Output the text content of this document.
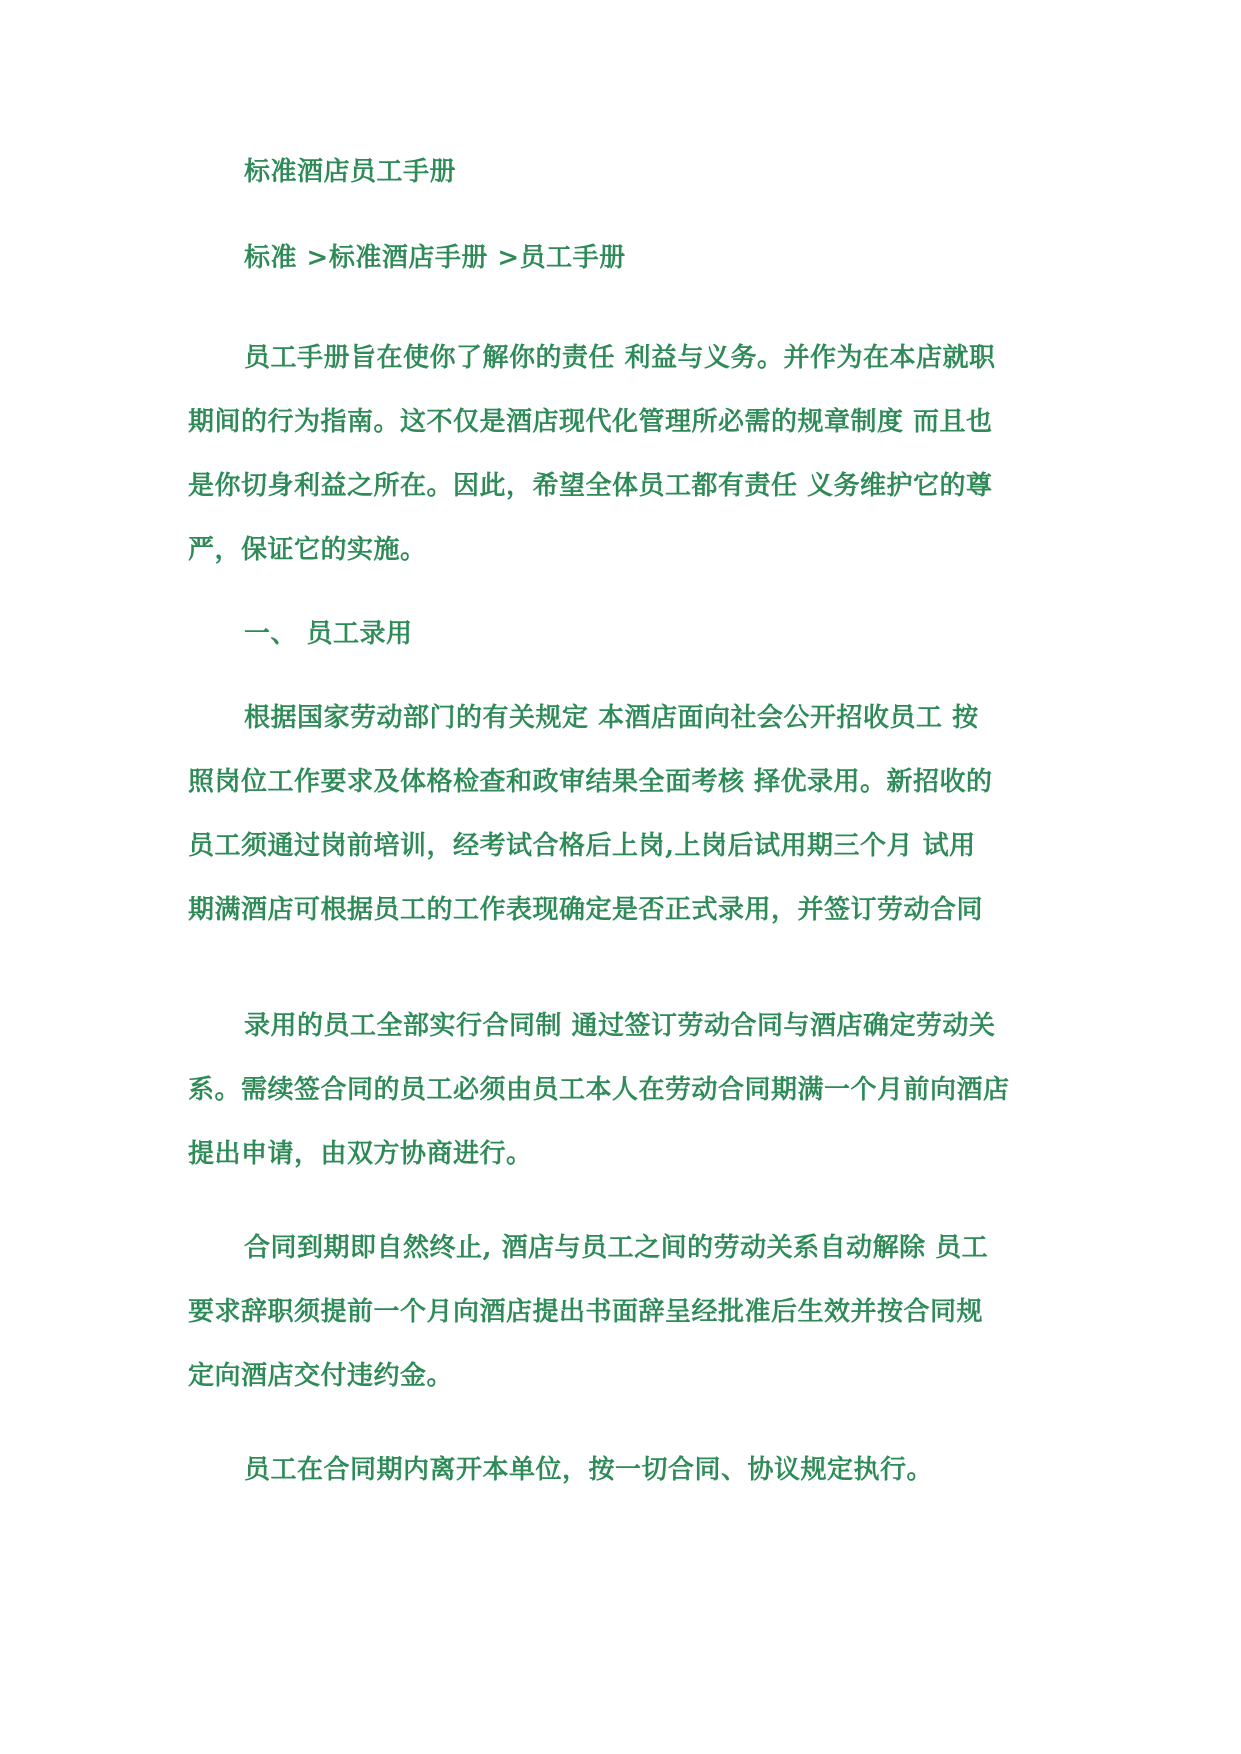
标准酒店员工手册
标准 >标准酒店手册 >员工手册
员工手册旨在使你了解你的责任 利益与义务。并作为在本店就职
期间的行为指南。这不仅是酒店现代化管理所必需的规章制度 而且也
是你切身利益之所在。因此，希望全体员工都有责任 义务维护它的尊
严，保证它的实施。
一、 员工录用
根据国家劳动部门的有关规定 本酒店面向社会公开招收员工 按
照岗位工作要求及体格检查和政审结果全面考核 择优录用。新招收的
员工须通过岗前培训，经考试合格后上岗,上岗后试用期三个月 试用
期满酒店可根据员工的工作表现确定是否正式录用，并签订劳动合同
录用的员工全部实行合同制 通过签订劳动合同与酒店确定劳动关
系。需续签合同的员工必须由员工本人在劳动合同期满一个月前向酒店
提出申请，由双方协商进行。
合同到期即自然终止, 酒店与员工之间的劳动关系自动解除 员工
要求辞职须提前一个月向酒店提出书面辞呈经批准后生效并按合同规
定向酒店交付违约金。
员工在合同期内离开本单位，按一切合同、协议规定执行。
